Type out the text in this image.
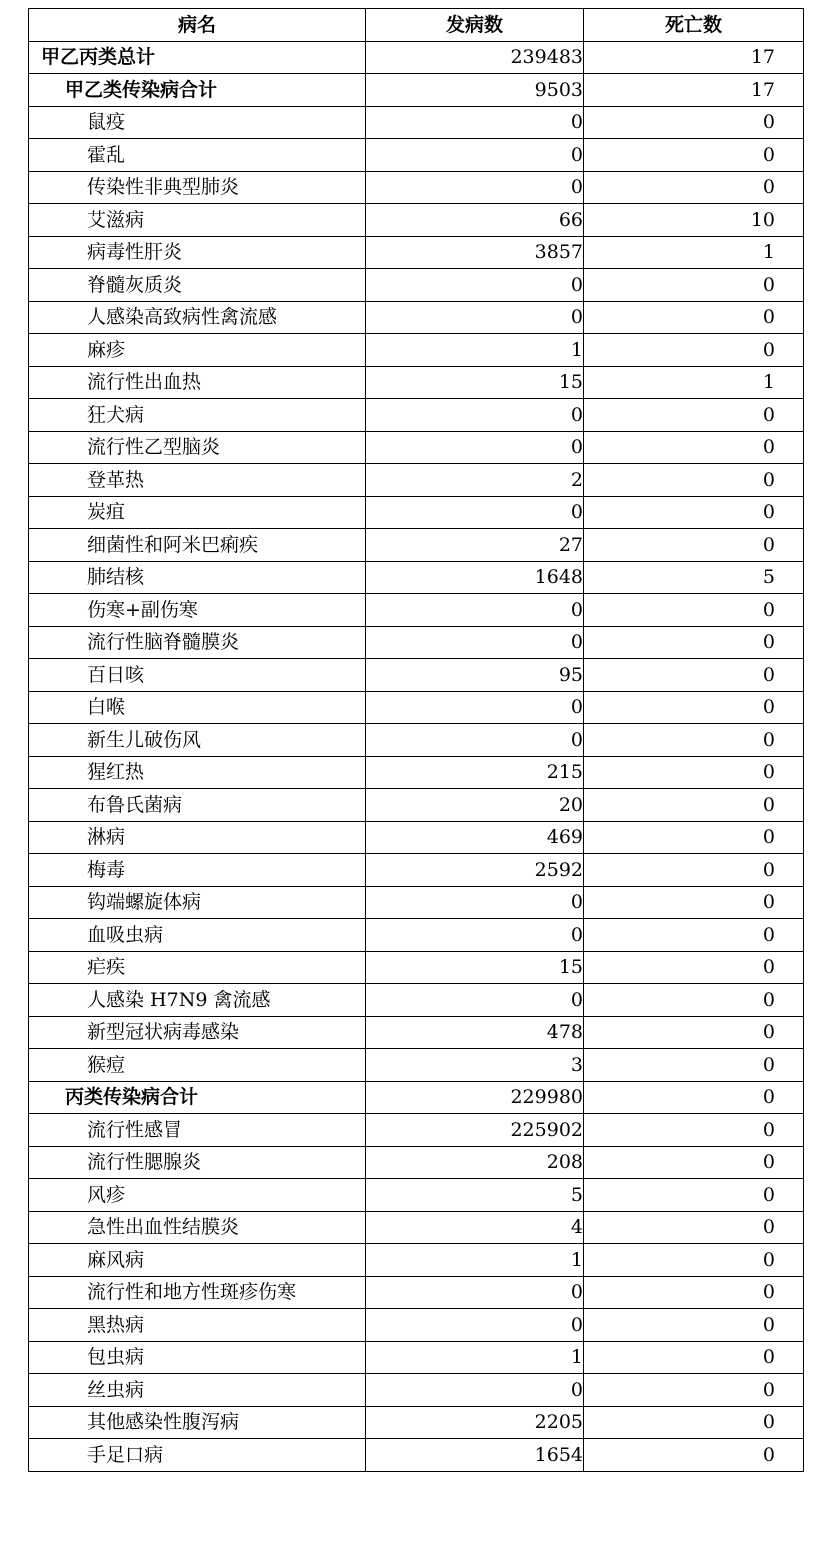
病名	发病数	死亡数
甲乙丙类总计	239483	17
甲乙类传染病合计	9503	17
鼠疫	0	0
霍乱	0	0
传染性非典型肺炎	0	0
艾滋病	66	10
病毒性肝炎	3857	1
脊髓灰质炎	0	0
人感染高致病性禽流感	0	0
麻疹	1	0
流行性出血热	15	1
狂犬病	0	0
流行性乙型脑炎	0	0
登革热	2	0
炭疽	0	0
细菌性和阿米巴痢疾	27	0
肺结核	1648	5
伤寒+副伤寒	0	0
流行性脑脊髓膜炎	0	0
百日咳	95	0
白喉	0	0
新生儿破伤风	0	0
猩红热	215	0
布鲁氏菌病	20	0
淋病	469	0
梅毒	2592	0
钩端螺旋体病	0	0
血吸虫病	0	0
疟疾	15	0
人感染 H7N9 禽流感	0	0
新型冠状病毒感染	478	0
猴痘	3	0
丙类传染病合计	229980	0
流行性感冒	225902	0
流行性腮腺炎	208	0
风疹	5	0
急性出血性结膜炎	4	0
麻风病	1	0
流行性和地方性斑疹伤寒	0	0
黑热病	0	0
包虫病	1	0
丝虫病	0	0
其他感染性腹泻病	2205	0
手足口病	1654	0
